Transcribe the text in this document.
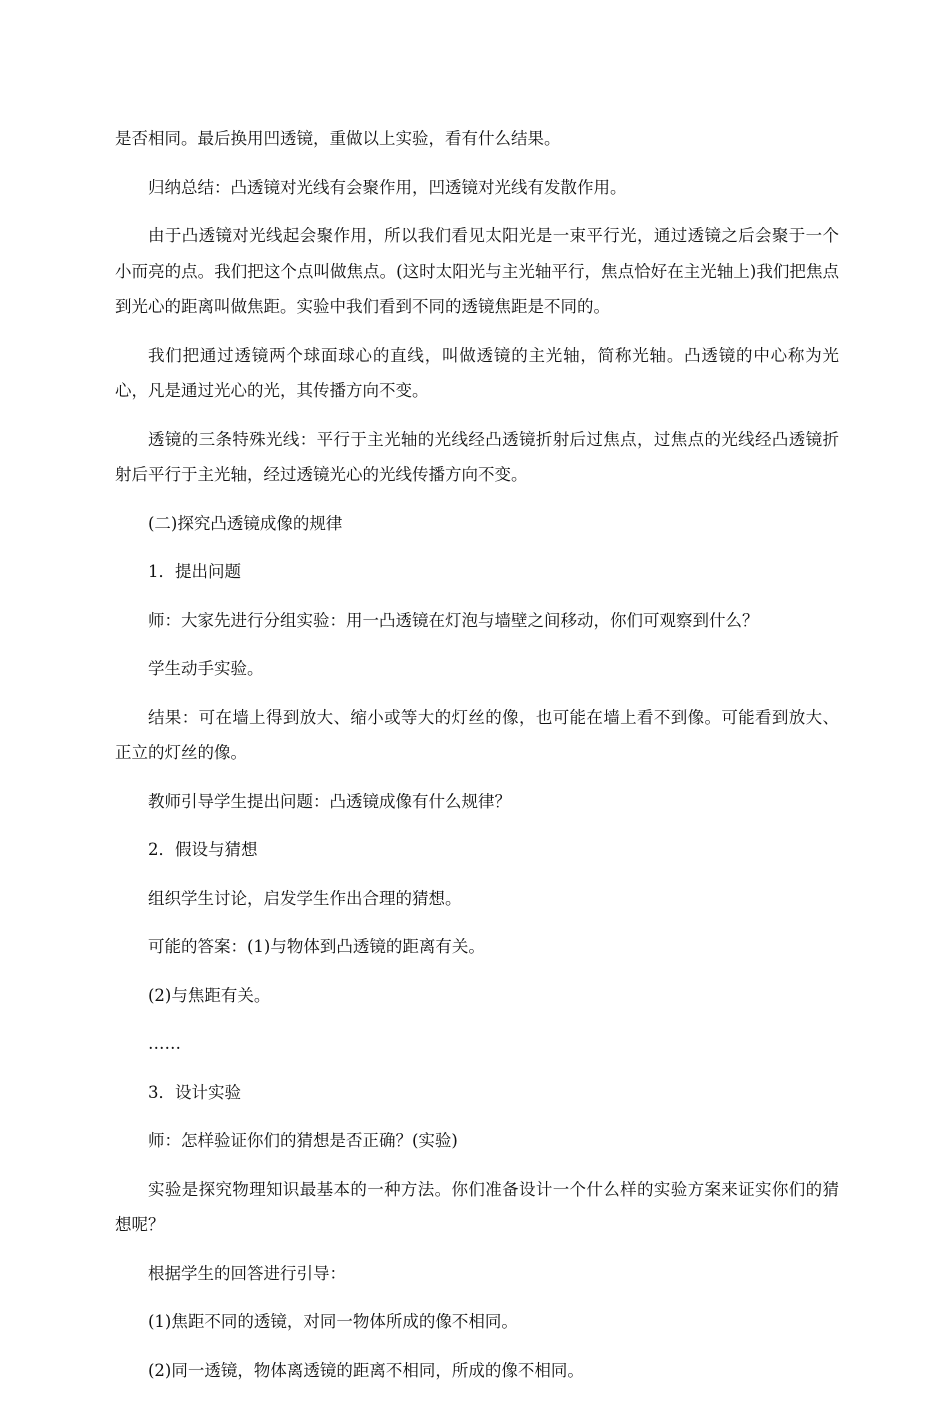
是否相同。最后换用凹透镜，重做以上实验，看有什么结果。

归纳总结：凸透镜对光线有会聚作用，凹透镜对光线有发散作用。

由于凸透镜对光线起会聚作用，所以我们看见太阳光是一束平行光，通过透镜之后会聚于一个小而亮的点。我们把这个点叫做焦点。(这时太阳光与主光轴平行，焦点恰好在主光轴上)我们把焦点到光心的距离叫做焦距。实验中我们看到不同的透镜焦距是不同的。

我们把通过透镜两个球面球心的直线，叫做透镜的主光轴，简称光轴。凸透镜的中心称为光心，凡是通过光心的光，其传播方向不变。

透镜的三条特殊光线：平行于主光轴的光线经凸透镜折射后过焦点，过焦点的光线经凸透镜折射后平行于主光轴，经过透镜光心的光线传播方向不变。

(二)探究凸透镜成像的规律

1．提出问题

师：大家先进行分组实验：用一凸透镜在灯泡与墙壁之间移动，你们可观察到什么？

学生动手实验。

结果：可在墙上得到放大、缩小或等大的灯丝的像，也可能在墙上看不到像。可能看到放大、正立的灯丝的像。

教师引导学生提出问题：凸透镜成像有什么规律？

2．假设与猜想

组织学生讨论，启发学生作出合理的猜想。

可能的答案：(1)与物体到凸透镜的距离有关。

(2)与焦距有关。

……

3．设计实验

师：怎样验证你们的猜想是否正确？(实验)

实验是探究物理知识最基本的一种方法。你们准备设计一个什么样的实验方案来证实你们的猜想呢？

根据学生的回答进行引导：

(1)焦距不同的透镜，对同一物体所成的像不相同。

(2)同一透镜，物体离透镜的距离不相同，所成的像不相同。
